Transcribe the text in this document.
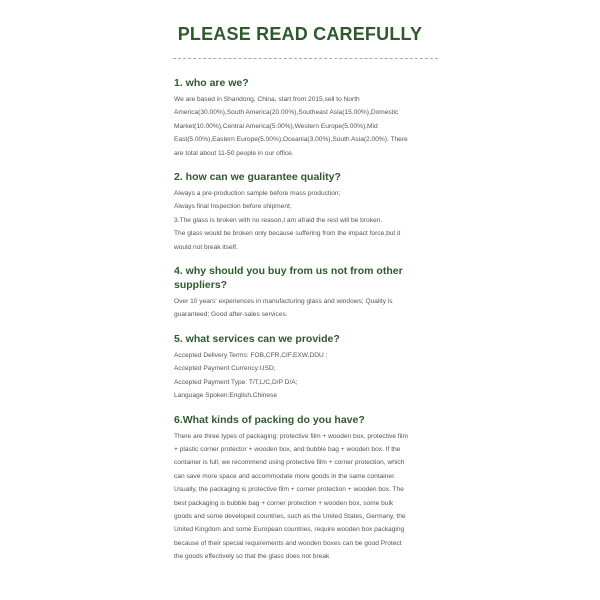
PLEASE READ CAREFULLY
1. who are we?
We are based in Shandong, China, start from 2015,sell to North
America(30.00%),South America(20.00%),Southeast Asia(15.00%),Domestic
Market(10.00%),Central America(5.00%),Western Europe(5.00%),Mid
East(5.00%),Eastern Europe(5.00%),Oceania(3.00%),South Asia(2.00%). There
are total about 11-50 people in our office.
2. how can we guarantee quality?
Always a pre-production sample before mass production;
Always final Inspection before shipment;
3.The glass is broken with no reason,I am afraid the rest will be broken.
The glass would be broken only because suffering from the impact force,but it
would not break itself.
4. why should you buy from us not from other suppliers?
Over 10 years' experiences in manufacturing glass and windows; Quality is
guaranteed; Good after-sales services.
5. what services can we provide?
Accepted Delivery Terms: FOB,CFR,CIF,EXW,DDU ;
Accepted Payment Currency:USD;
Accepted Payment Type: T/T,L/C,D/P D/A;
Language Spoken:English,Chinese
6.What kinds of packing do you have?
There are three types of packaging: protective film + wooden box, protective film
+ plastic corner protector + wooden box, and bubble bag + wooden box. If the
container is full, we recommend using protective film + corner protection, which
can save more space and accommodate more goods in the same container.
Usually, the packaging is protective film + corner protection + wooden box. The
best packaging is bubble bag + corner protection + wooden box, some bulk
goods and some developed countries, such as the United States, Germany, the
United Kingdom and some European countries, require wooden box packaging
because of their special requirements and wooden boxes can be good Protect
the goods effectively so that the glass does not break
